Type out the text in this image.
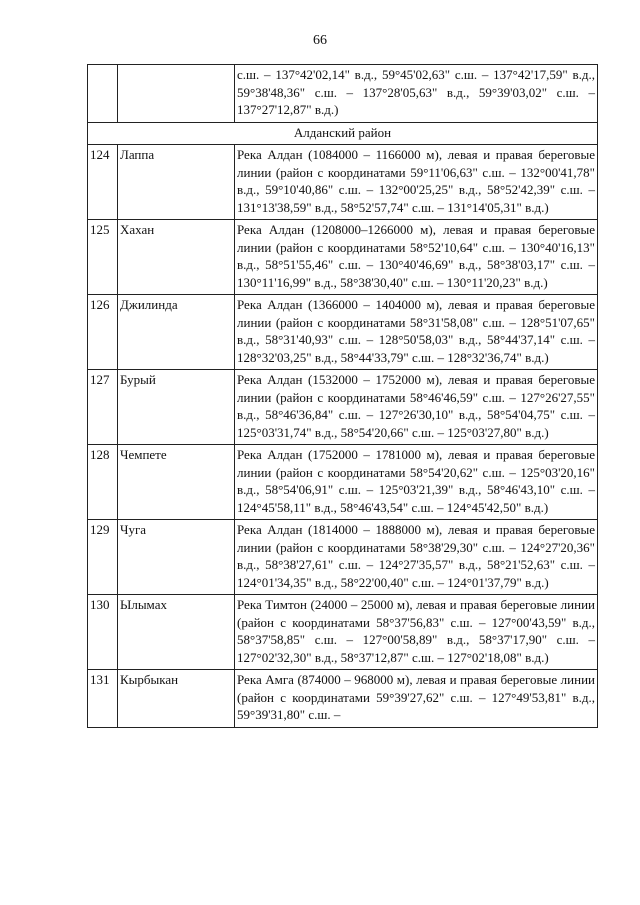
66
		с.ш. – 137°42'02,14" в.д., 59°45'02,63" с.ш. – 137°42'17,59" в.д., 59°38'48,36" с.ш. – 137°28'05,63" в.д., 59°39'03,02" с.ш. – 137°27'12,87" в.д.)
Алданский район		
124	Лаппа	Река Алдан (1084000 – 1166000 м), левая и правая береговые линии (район с координатами 59°11'06,63" с.ш. – 132°00'41,78" в.д., 59°10'40,86" с.ш. – 132°00'25,25" в.д., 58°52'42,39" с.ш. – 131°13'38,59" в.д., 58°52'57,74" с.ш. – 131°14'05,31" в.д.)
125	Хахан	Река Алдан (1208000–1266000 м), левая и правая береговые линии (район с координатами 58°52'10,64" с.ш. – 130°40'16,13" в.д., 58°51'55,46" с.ш. – 130°40'46,69" в.д., 58°38'03,17" с.ш. – 130°11'16,99" в.д., 58°38'30,40" с.ш. – 130°11'20,23" в.д.)
126	Джилинда	Река Алдан (1366000 – 1404000 м), левая и правая береговые линии (район с координатами 58°31'58,08" с.ш. – 128°51'07,65" в.д., 58°31'40,93" с.ш. – 128°50'58,03" в.д., 58°44'37,14" с.ш. – 128°32'03,25" в.д., 58°44'33,79" с.ш. – 128°32'36,74" в.д.)
127	Бурый	Река Алдан (1532000 – 1752000 м), левая и правая береговые линии (район с координатами 58°46'46,59" с.ш. – 127°26'27,55" в.д., 58°46'36,84" с.ш. – 127°26'30,10" в.д., 58°54'04,75" с.ш. – 125°03'31,74" в.д., 58°54'20,66" с.ш. – 125°03'27,80" в.д.)
128	Чемпете	Река Алдан (1752000 – 1781000 м), левая и правая береговые линии (район с координатами 58°54'20,62" с.ш. – 125°03'20,16" в.д., 58°54'06,91" с.ш. – 125°03'21,39" в.д., 58°46'43,10" с.ш. – 124°45'58,11" в.д., 58°46'43,54" с.ш. – 124°45'42,50" в.д.)
129	Чуга	Река Алдан (1814000 – 1888000 м), левая и правая береговые линии (район с координатами 58°38'29,30" с.ш. – 124°27'20,36" в.д., 58°38'27,61" с.ш. – 124°27'35,57" в.д., 58°21'52,63" с.ш. – 124°01'34,35" в.д., 58°22'00,40" с.ш. – 124°01'37,79" в.д.)
130	Ылымах	Река Тимтон (24000 – 25000 м), левая и правая береговые линии (район с координатами 58°37'56,83" с.ш. – 127°00'43,59" в.д., 58°37'58,85" с.ш. – 127°00'58,89" в.д., 58°37'17,90" с.ш. – 127°02'32,30" в.д., 58°37'12,87" с.ш. – 127°02'18,08" в.д.)
131	Кырбыкан	Река Амга (874000 – 968000 м), левая и правая береговые линии (район с координатами 59°39'27,62" с.ш. – 127°49'53,81" в.д., 59°39'31,80" с.ш. –
